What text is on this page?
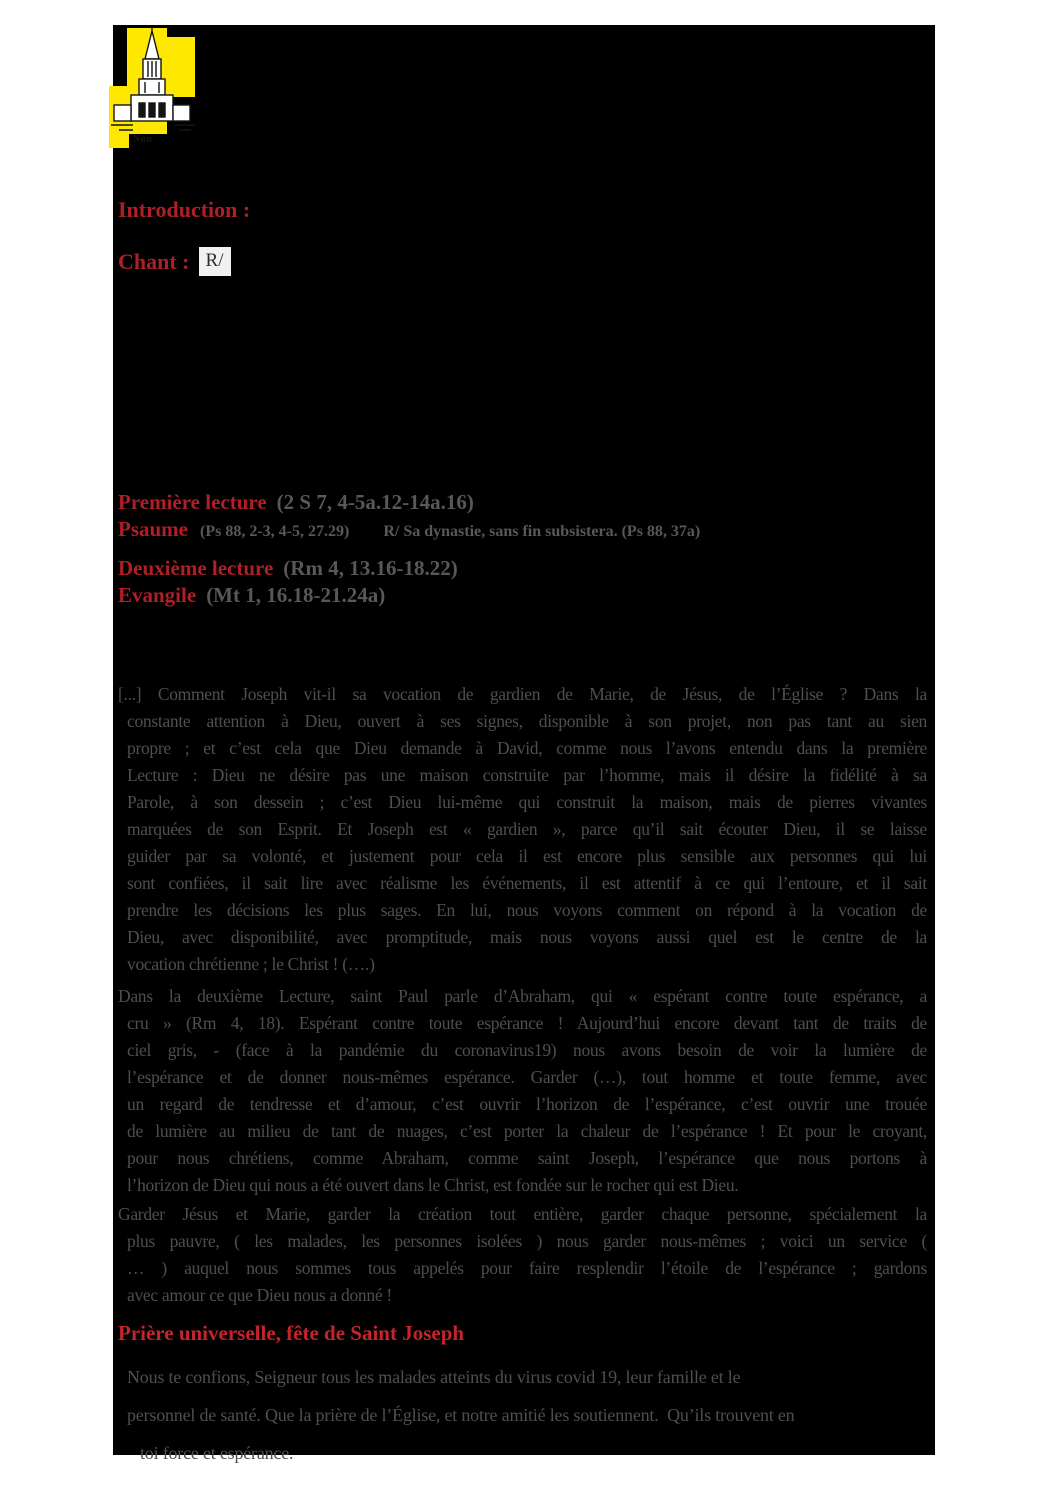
Non
Introduction :
Chant : R/
Première lecture (2 S 7, 4-5a.12-14a.16)
Psaume (Ps 88, 2-3, 4-5, 27.29) R/ Sa dynastie, sans fin subsistera. (Ps 88, 37a)
Deuxième lecture (Rm 4, 13.16-18.22)
Evangile (Mt 1, 16.18-21.24a)
[...] Comment Joseph vit-il sa vocation de gardien de Marie, de Jésus, de l’Église ? Dans la
constante attention à Dieu, ouvert à ses signes, disponible à son projet, non pas tant au sien
propre ; et c’est cela que Dieu demande à David, comme nous l’avons entendu dans la première
Lecture : Dieu ne désire pas une maison construite par l’homme, mais il désire la fidélité à sa
Parole, à son dessein ; c’est Dieu lui-même qui construit la maison, mais de pierres vivantes
marquées de son Esprit. Et Joseph est « gardien », parce qu’il sait écouter Dieu, il se laisse
guider par sa volonté, et justement pour cela il est encore plus sensible aux personnes qui lui
sont confiées, il sait lire avec réalisme les événements, il est attentif à ce qui l’entoure, et il sait
prendre les décisions les plus sages. En lui, nous voyons comment on répond à la vocation de
Dieu, avec disponibilité, avec promptitude, mais nous voyons aussi quel est le centre de la
vocation chrétienne ; le Christ ! (….)
Dans la deuxième Lecture, saint Paul parle d’Abraham, qui « espérant contre toute espérance, a
cru » (Rm 4, 18). Espérant contre toute espérance ! Aujourd’hui encore devant tant de traits de
ciel gris, - (face à la pandémie du coronavirus19) nous avons besoin de voir la lumière de
l’espérance et de donner nous-mêmes espérance. Garder (…), tout homme et toute femme, avec
un regard de tendresse et d’amour, c’est ouvrir l’horizon de l’espérance, c’est ouvrir une trouée
de lumière au milieu de tant de nuages, c’est porter la chaleur de l’espérance ! Et pour le croyant,
pour nous chrétiens, comme Abraham, comme saint Joseph, l’espérance que nous portons à
l’horizon de Dieu qui nous a été ouvert dans le Christ, est fondée sur le rocher qui est Dieu.
Garder Jésus et Marie, garder la création tout entière, garder chaque personne, spécialement la
plus pauvre, ( les malades, les personnes isolées ) nous garder nous-mêmes ; voici un service (
… ) auquel nous sommes tous appelés pour faire resplendir l’étoile de l’espérance ; gardons
avec amour ce que Dieu nous a donné !
Prière universelle, fête de Saint Joseph
Nous te confions, Seigneur tous les malades atteints du virus covid 19, leur famille et le
personnel de santé. Que la prière de l’Église, et notre amitié les soutiennent.  Qu’ils trouvent en
toi force et espérance.
